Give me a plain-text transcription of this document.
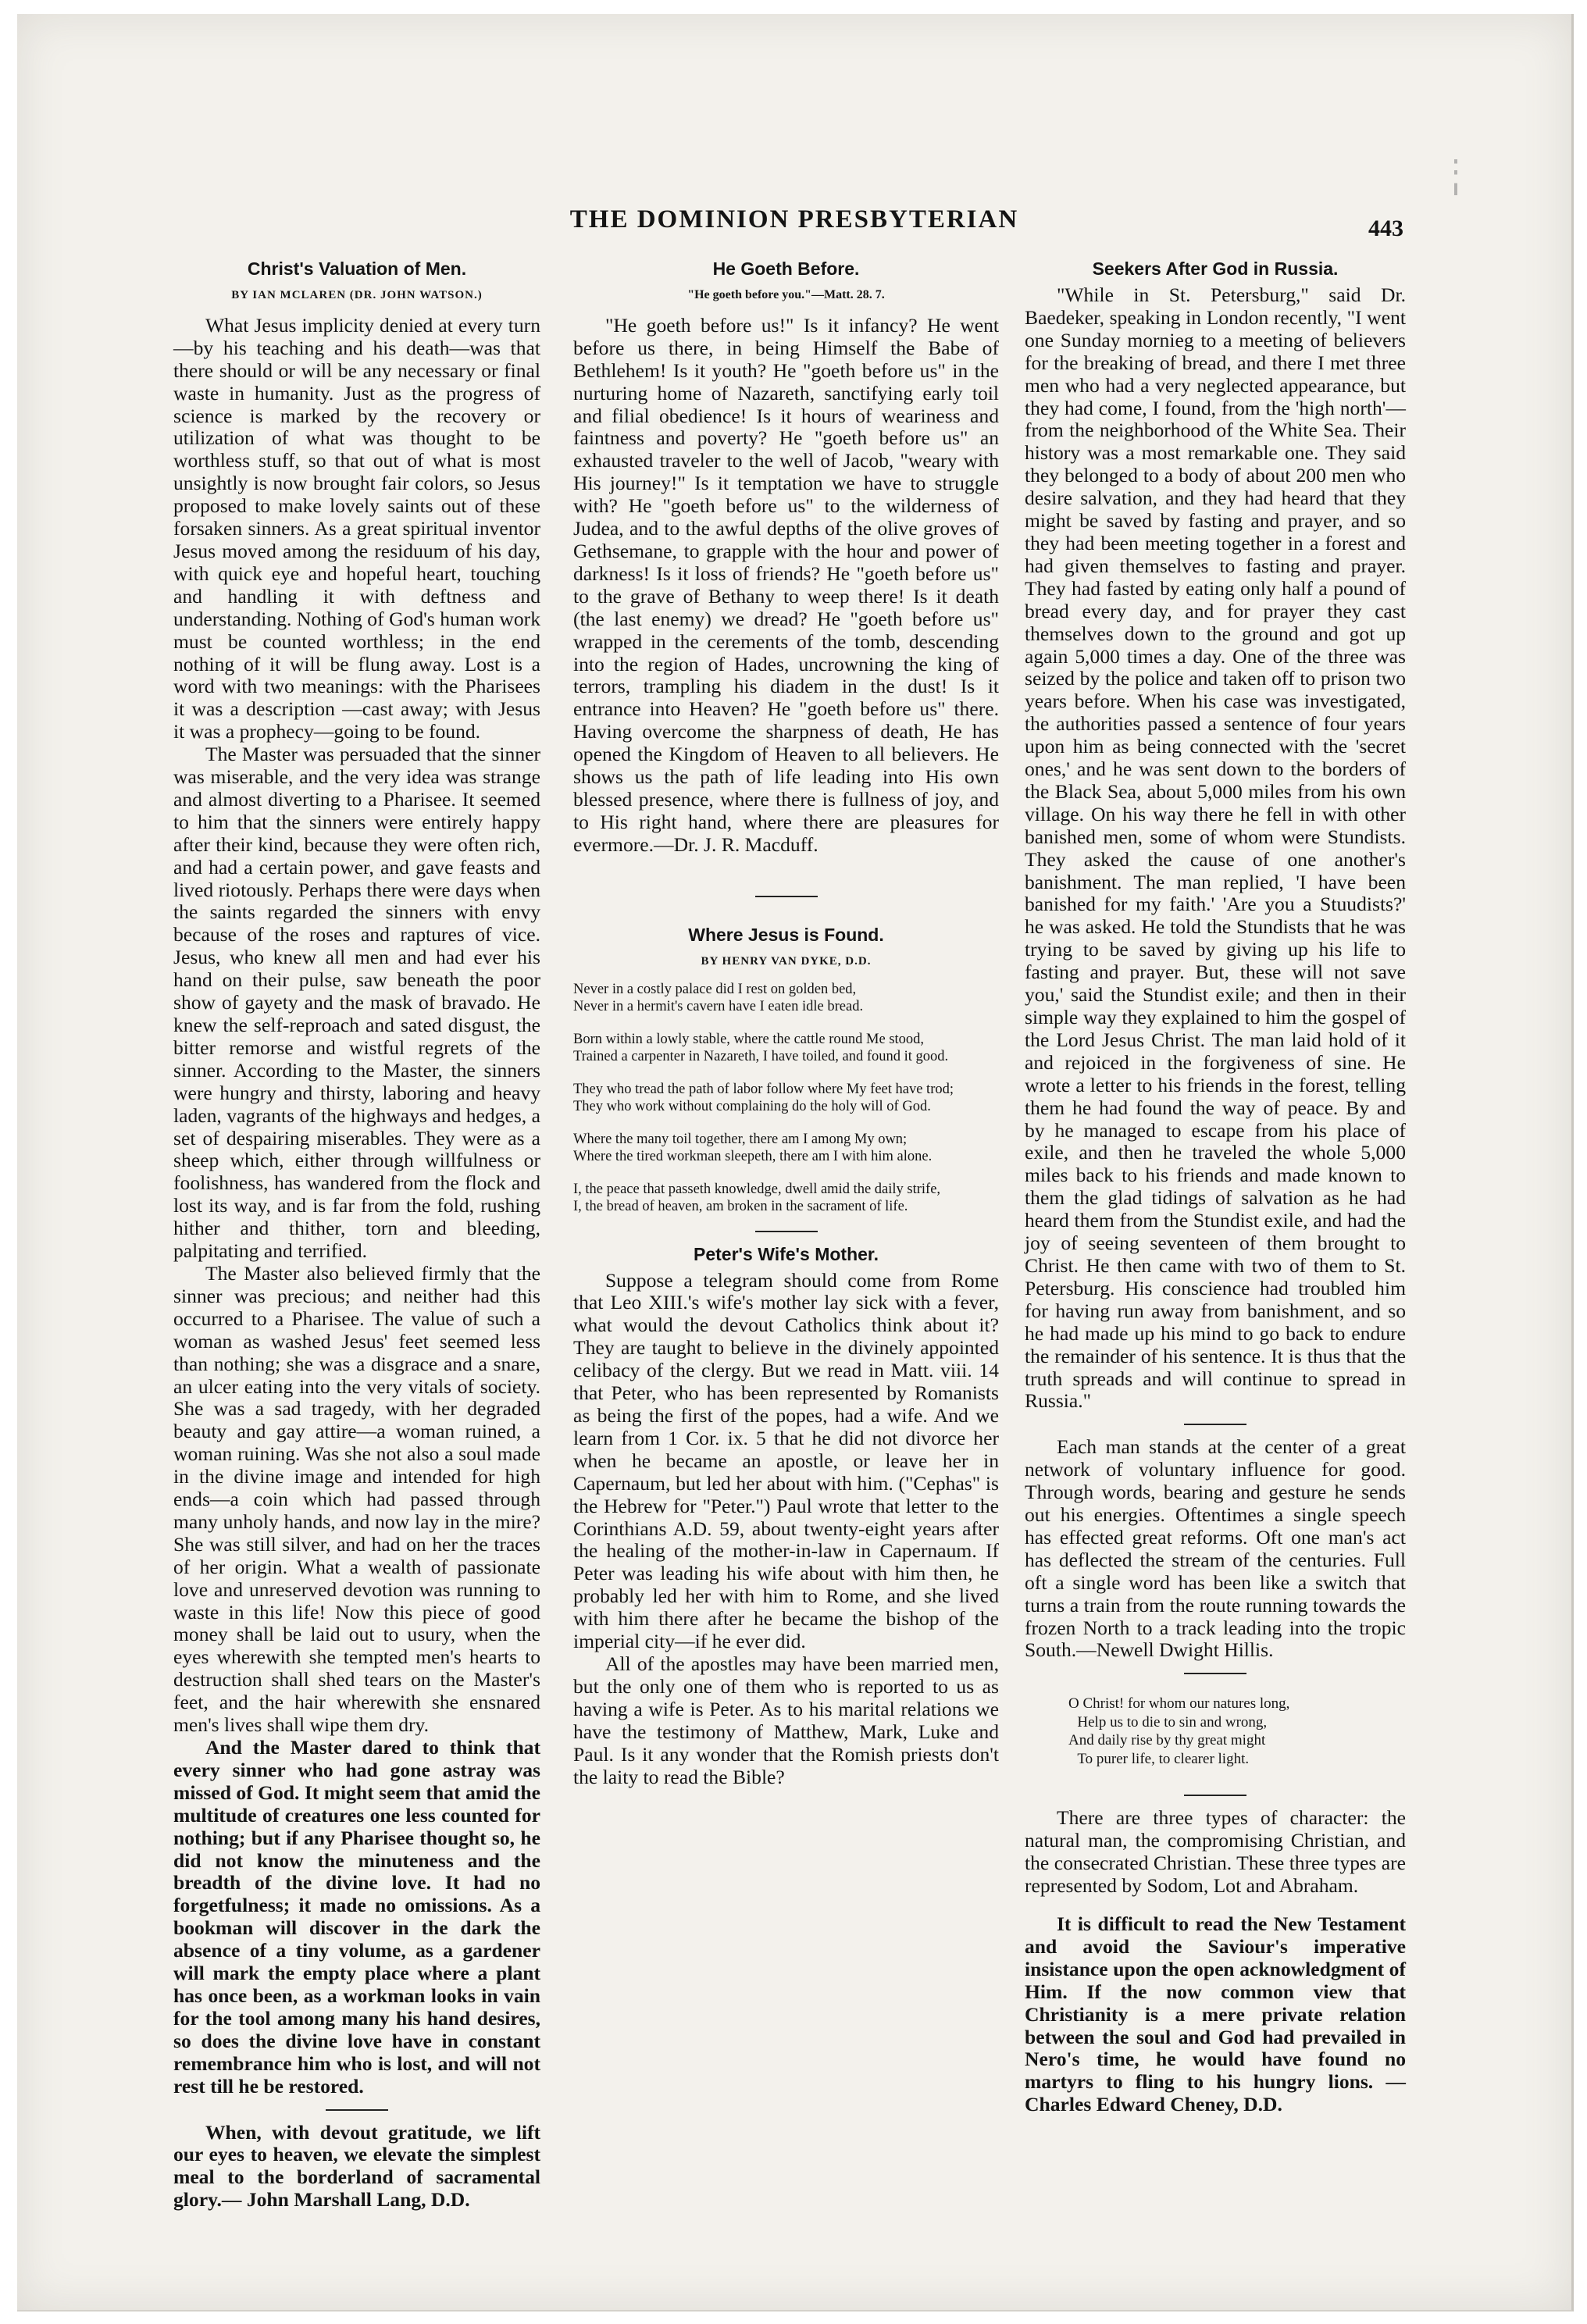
THE DOMINION PRESBYTERIAN	443
Christ's Valuation of Men.
BY IAN MCLAREN (DR. JOHN WATSON.)

What Jesus implicity denied at every turn—by his teaching and his death—was that there should or will be any necessary or final waste in humanity. Just as the progress of science is marked by the recovery or utilization of what was thought to be worthless stuff, so that out of what is most unsightly is now brought fair colors, so Jesus proposed to make lovely saints out of these forsaken sinners. As a great spiritual inventor Jesus moved among the residuum of his day, with quick eye and hopeful heart, touching and handling it with deftness and understanding. Nothing of God's human work must be counted worthless; in the end nothing of it will be flung away. Lost is a word with two meanings: with the Pharisees it was a description —cast away; with Jesus it was a prophecy—going to be found.

The Master was persuaded that the sinner was miserable, and the very idea was strange and almost diverting to a Pharisee. It seemed to him that the sinners were entirely happy after their kind, because they were often rich, and had a certain power, and gave feasts and lived riotously. Perhaps there were days when the saints regarded the sinners with envy because of the roses and raptures of vice. Jesus, who knew all men and had ever his hand on their pulse, saw beneath the poor show of gayety and the mask of bravado. He knew the self-reproach and sated disgust, the bitter remorse and wistful regrets of the sinner. According to the Master, the sinners were hungry and thirsty, laboring and heavy laden, vagrants of the highways and hedges, a set of despairing miserables. They were as a sheep which, either through willfulness or foolishness, has wandered from the flock and lost its way, and is far from the fold, rushing hither and thither, torn and bleeding, palpitating and terrified.

The Master also believed firmly that the sinner was precious; and neither had this occurred to a Pharisee. The value of such a woman as washed Jesus' feet seemed less than nothing; she was a disgrace and a snare, an ulcer eating into the very vitals of society. She was a sad tragedy, with her degraded beauty and gay attire—a woman ruined, a woman ruining. Was she not also a soul made in the divine image and intended for high ends—a coin which had passed through many unholy hands, and now lay in the mire? She was still silver, and had on her the traces of her origin. What a wealth of passionate love and unreserved devotion was running to waste in this life! Now this piece of good money shall be laid out to usury, when the eyes wherewith she tempted men's hearts to destruction shall shed tears on the Master's feet, and the hair wherewith she ensnared men's lives shall wipe them dry.

And the Master dared to think that every sinner who had gone astray was missed of God. It might seem that amid the multitude of creatures one less counted for nothing; but if any Pharisee thought so, he did not know the minuteness and the breadth of the divine love. It had no forgetfulness; it made no omissions. As a bookman will discover in the dark the absence of a tiny volume, as a gardener will mark the empty place where a plant has once been, as a workman looks in vain for the tool among many his hand desires, so does the divine love have in constant remembrance him who is lost, and will not rest till he be restored.

When, with devout gratitude, we lift our eyes to heaven, we elevate the simplest meal to the borderland of sacramental glory.— John Marshall Lang, D.D.

He Goeth Before.
"He goeth before you."—Matt. 28. 7.

"He goeth before us!" Is it infancy? He went before us there, in being Himself the Babe of Bethlehem! Is it youth? He "goeth before us" in the nurturing home of Nazareth, sanctifying early toil and filial obedience! Is it hours of weariness and faintness and poverty? He "goeth before us" an exhausted traveler to the well of Jacob, "weary with His journey!" Is it temptation we have to struggle with? He "goeth before us" to the wilderness of Judea, and to the awful depths of the olive groves of Gethsemane, to grapple with the hour and power of darkness! Is it loss of friends? He "goeth before us" to the grave of Bethany to weep there! Is it death (the last enemy) we dread? He "goeth before us" wrapped in the cerements of the tomb, descending into the region of Hades, uncrowning the king of terrors, trampling his diadem in the dust! Is it entrance into Heaven? He "goeth before us" there. Having overcome the sharpness of death, He has opened the Kingdom of Heaven to all believers. He shows us the path of life leading into His own blessed presence, where there is fullness of joy, and to His right hand, where there are pleasures for evermore.—Dr. J. R. Macduff.

Where Jesus is Found.
BY HENRY VAN DYKE, D.D.
Never in a costly palace did I rest on golden bed,
Never in a hermit's cavern have I eaten idle bread.
Born within a lowly stable, where the cattle round Me stood,
Trained a carpenter in Nazareth, I have toiled, and found it good.
They who tread the path of labor follow where My feet have trod;
They who work without complaining do the holy will of God.
Where the many toil together, there am I among My own;
Where the tired workman sleepeth, there am I with him alone.
I, the peace that passeth knowledge, dwell amid the daily strife,
I, the bread of heaven, am broken in the sacrament of life.
Peter's Wife's Mother.

Suppose a telegram should come from Rome that Leo XIII.'s wife's mother lay sick with a fever, what would the devout Catholics think about it? They are taught to believe in the divinely appointed celibacy of the clergy. But we read in Matt. viii. 14 that Peter, who has been represented by Romanists as being the first of the popes, had a wife. And we learn from 1 Cor. ix. 5 that he did not divorce her when he became an apostle, or leave her in Capernaum, but led her about with him. ("Cephas" is the Hebrew for "Peter.") Paul wrote that letter to the Corinthians A.D. 59, about twenty-eight years after the healing of the mother-in-law in Capernaum. If Peter was leading his wife about with him then, he probably led her with him to Rome, and she lived with him there after he became the bishop of the imperial city—if he ever did.

All of the apostles may have been married men, but the only one of them who is reported to us as having a wife is Peter. As to his marital relations we have the testimony of Matthew, Mark, Luke and Paul. Is it any wonder that the Romish priests don't the laity to read the Bible?

Seekers After God in Russia.

"While in St. Petersburg," said Dr. Baedeker, speaking in London recently, "I went one Sunday mornieg to a meeting of believers for the breaking of bread, and there I met three men who had a very neglected appearance, but they had come, I found, from the 'high north'—from the neighborhood of the White Sea. Their history was a most remarkable one. They said they belonged to a body of about 200 men who desire salvation, and they had heard that they might be saved by fasting and prayer, and so they had been meeting together in a forest and had given themselves to fasting and prayer. They had fasted by eating only half a pound of bread every day, and for prayer they cast themselves down to the ground and got up again 5,000 times a day. One of the three was seized by the police and taken off to prison two years before. When his case was investigated, the authorities passed a sentence of four years upon him as being connected with the 'secret ones,' and he was sent down to the borders of the Black Sea, about 5,000 miles from his own village. On his way there he fell in with other banished men, some of whom were Stundists. They asked the cause of one another's banishment. The man replied, 'I have been banished for my faith.' 'Are you a Stuudists?' he was asked. He told the Stundists that he was trying to be saved by giving up his life to fasting and prayer. But, these will not save you,' said the Stundist exile; and then in their simple way they explained to him the gospel of the Lord Jesus Christ. The man laid hold of it and rejoiced in the forgiveness of sine. He wrote a letter to his friends in the forest, telling them he had found the way of peace. By and by he managed to escape from his place of exile, and then he traveled the whole 5,000 miles back to his friends and made known to them the glad tidings of salvation as he had heard them from the Stundist exile, and had the joy of seeing seventeen of them brought to Christ. He then came with two of them to St. Petersburg. His conscience had troubled him for having run away from banishment, and so he had made up his mind to go back to endure the remainder of his sentence. It is thus that the truth spreads and will continue to spread in Russia."

Each man stands at the center of a great network of voluntary influence for good. Through words, bearing and gesture he sends out his energies. Oftentimes a single speech has effected great reforms. Oft one man's act has deflected the stream of the centuries. Full oft a single word has been like a switch that turns a train from the route running towards the frozen North to a track leading into the tropic South.—Newell Dwight Hillis.

O Christ! for whom our natures long,
Help us to die to sin and wrong,
And daily rise by thy great might
To purer life, to clearer light.

There are three types of character: the natural man, the compromising Christian, and the consecrated Christian. These three types are represented by Sodom, Lot and Abraham.

It is difficult to read the New Testament and avoid the Saviour's imperative insistance upon the open acknowledgment of Him. If the now common view that Christianity is a mere private relation between the soul and God had prevailed in Nero's time, he would have found no martyrs to fling to his hungry lions. —Charles Edward Cheney, D.D.
